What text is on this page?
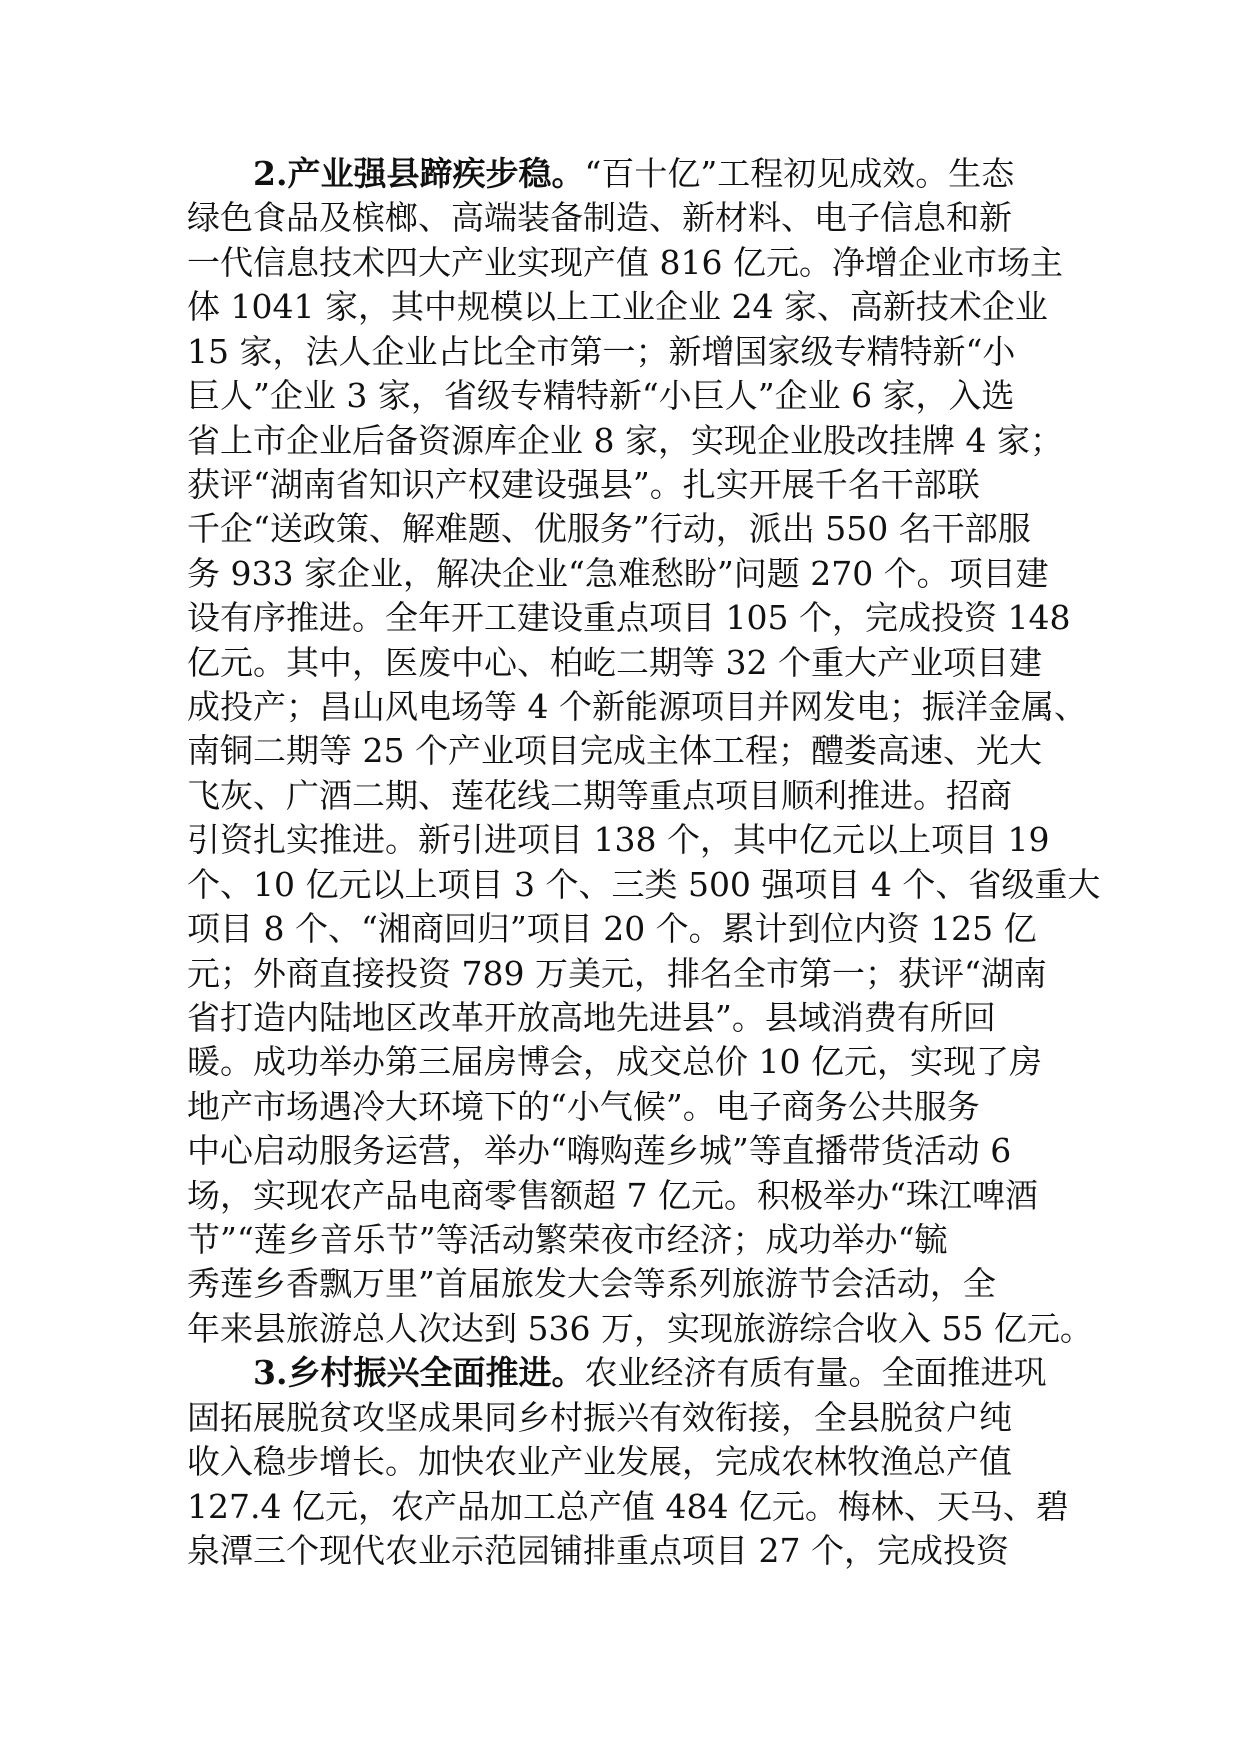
2.产业强县蹄疾步稳。“百十亿”工程初见成效。生态
绿色食品及槟榔、高端装备制造、新材料、电子信息和新
一代信息技术四大产业实现产值 816 亿元。净增企业市场主
体 1041 家，其中规模以上工业企业 24 家、高新技术企业
15 家，法人企业占比全市第一；新增国家级专精特新“小
巨人”企业 3 家，省级专精特新“小巨人”企业 6 家，入选
省上市企业后备资源库企业 8 家，实现企业股改挂牌 4 家；
获评“湖南省知识产权建设强县”。扎实开展千名干部联
千企“送政策、解难题、优服务”行动，派出 550 名干部服
务 933 家企业，解决企业“急难愁盼”问题 270 个。项目建
设有序推进。全年开工建设重点项目 105 个，完成投资 148
亿元。其中，医废中心、柏屹二期等 32 个重大产业项目建
成投产；昌山风电场等 4 个新能源项目并网发电；振洋金属、
南铜二期等 25 个产业项目完成主体工程；醴娄高速、光大
飞灰、广酒二期、莲花线二期等重点项目顺利推进。招商
引资扎实推进。新引进项目 138 个，其中亿元以上项目 19
个、10 亿元以上项目 3 个、三类 500 强项目 4 个、省级重大
项目 8 个、“湘商回归”项目 20 个。累计到位内资 125 亿
元；外商直接投资 789 万美元，排名全市第一；获评“湖南
省打造内陆地区改革开放高地先进县”。县域消费有所回
暖。成功举办第三届房博会，成交总价 10 亿元，实现了房
地产市场遇冷大环境下的“小气候”。电子商务公共服务
中心启动服务运营，举办“嗨购莲乡城”等直播带货活动 6
场，实现农产品电商零售额超 7 亿元。积极举办“珠江啤酒
节”“莲乡音乐节”等活动繁荣夜市经济；成功举办“毓
秀莲乡香飘万里”首届旅发大会等系列旅游节会活动，全
年来县旅游总人次达到 536 万，实现旅游综合收入 55 亿元。
3.乡村振兴全面推进。农业经济有质有量。全面推进巩
固拓展脱贫攻坚成果同乡村振兴有效衔接，全县脱贫户纯
收入稳步增长。加快农业产业发展，完成农林牧渔总产值
127.4 亿元，农产品加工总产值 484 亿元。梅林、天马、碧
泉潭三个现代农业示范园铺排重点项目 27 个，完成投资
